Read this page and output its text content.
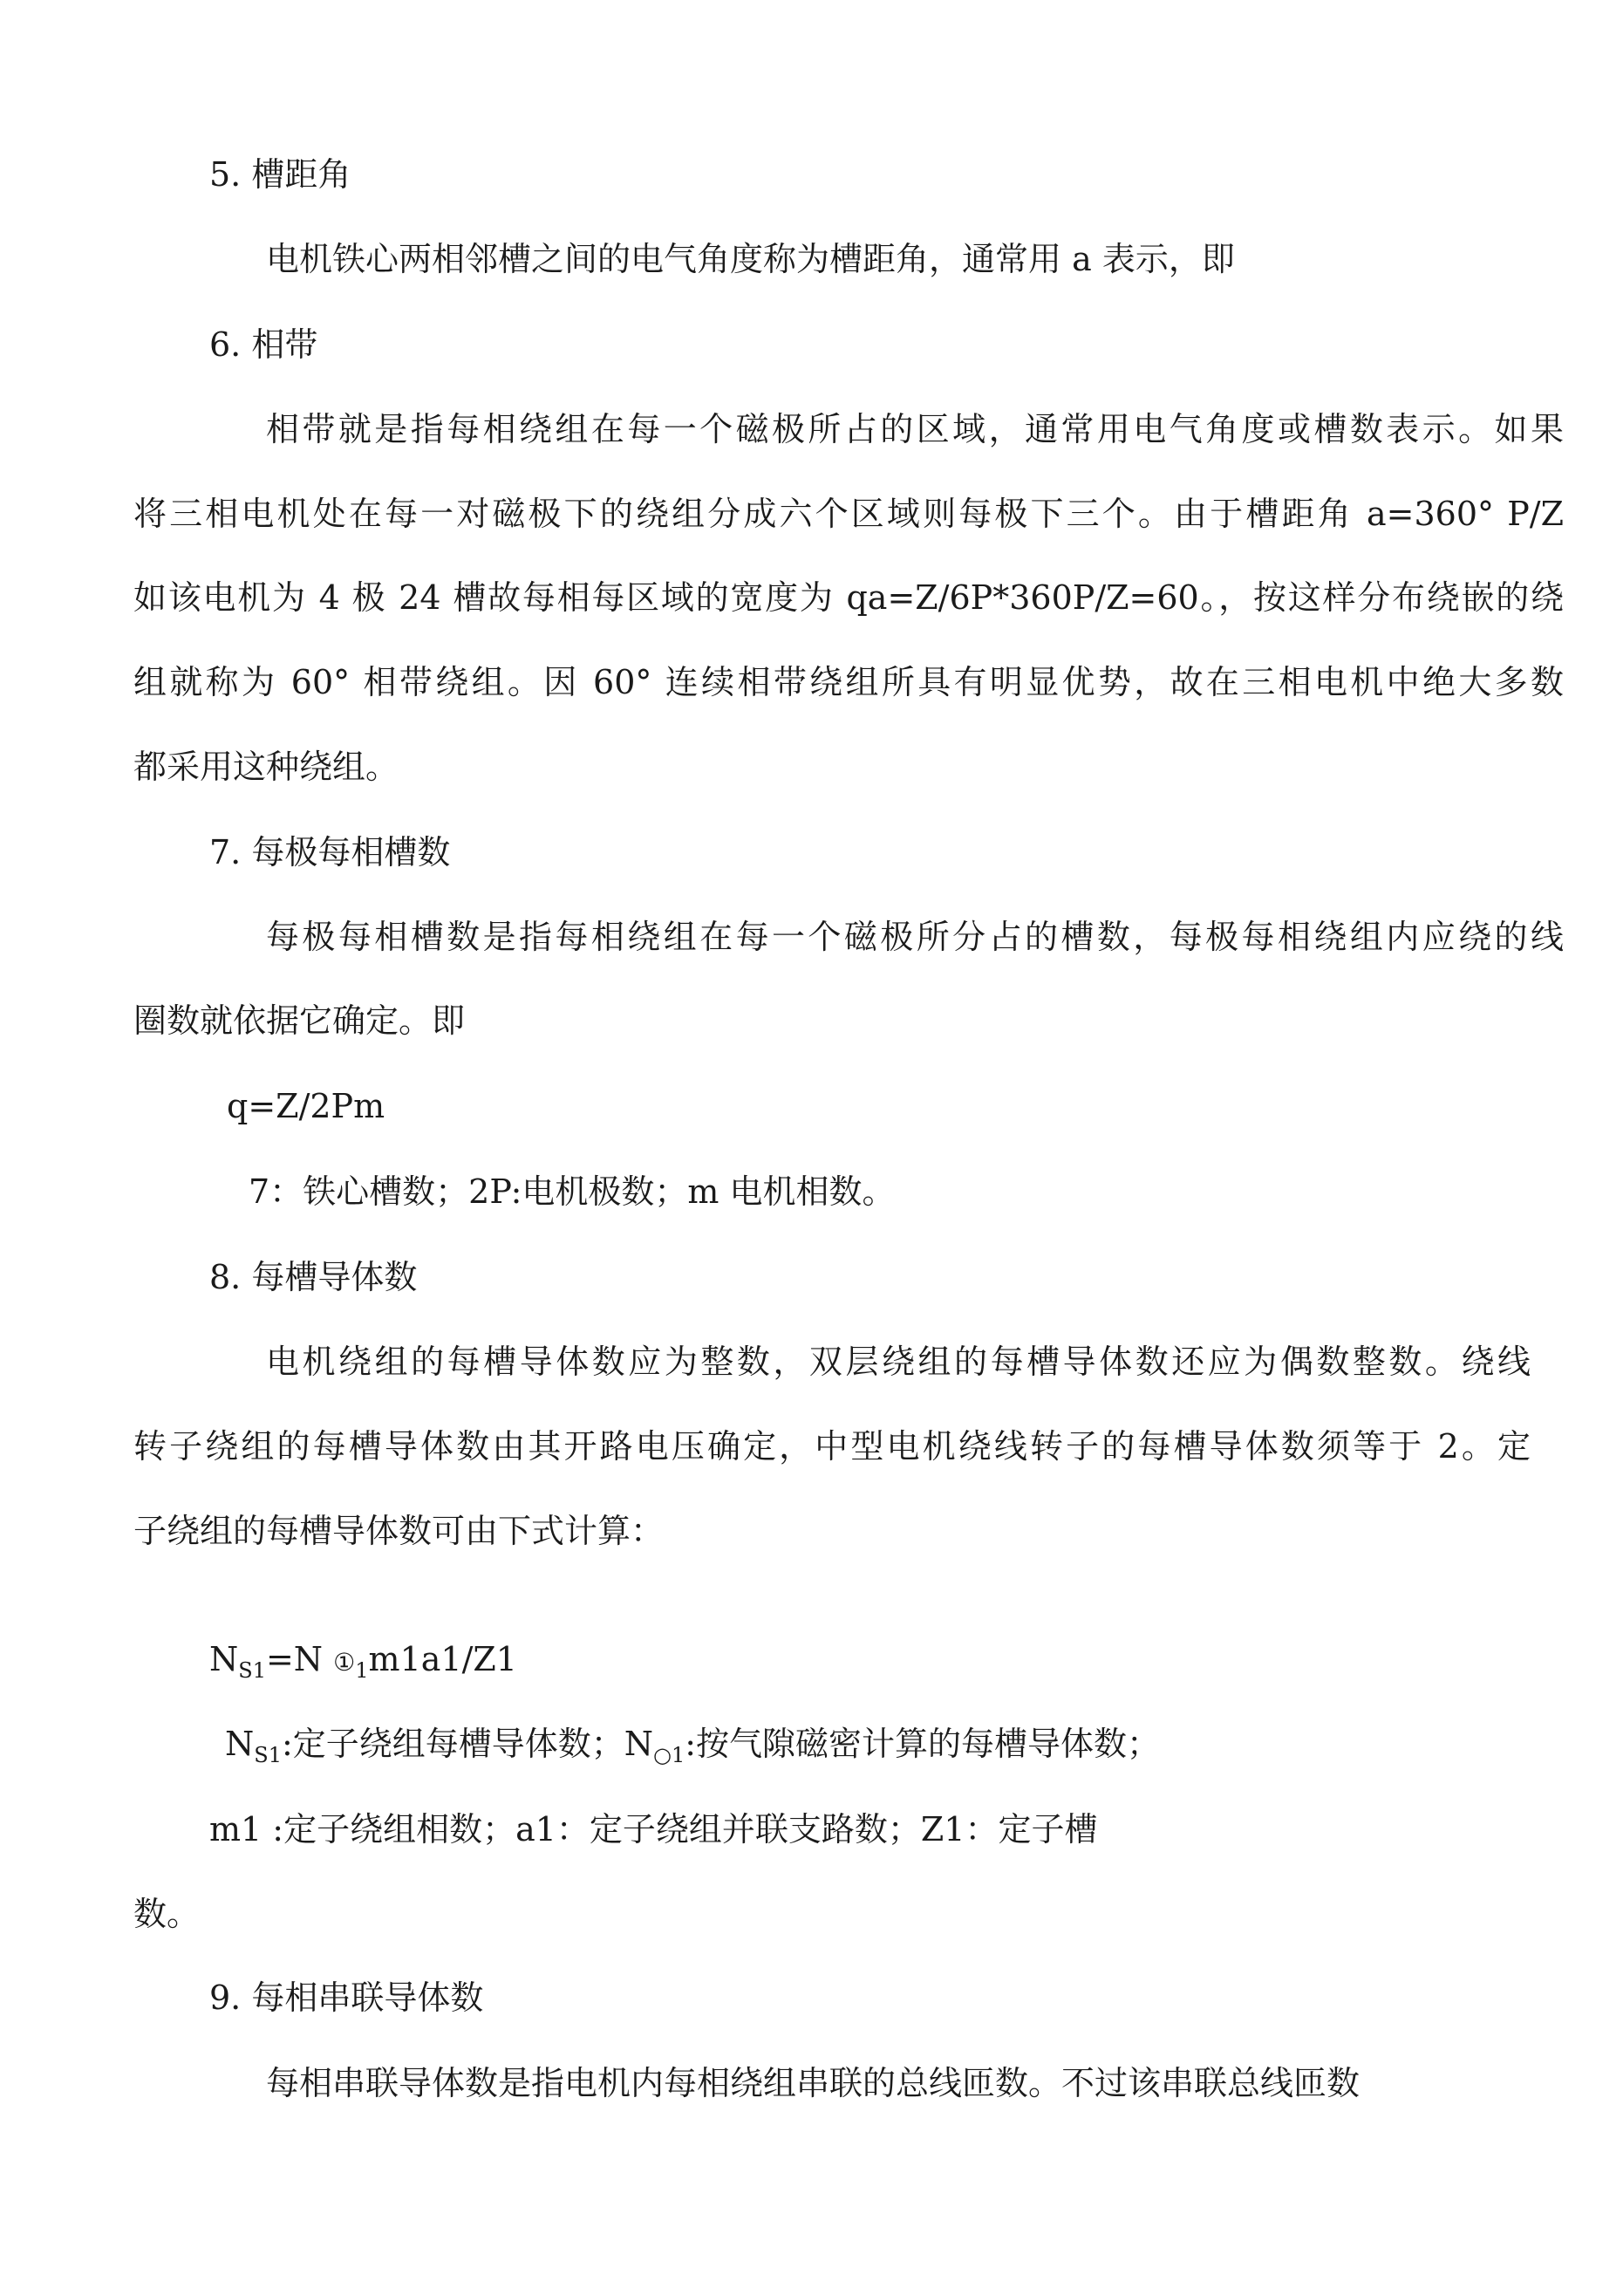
5. 槽距角
电机铁心两相邻槽之间的电气角度称为槽距角，通常用 a 表示，即
6. 相带
相带就是指每相绕组在每一个磁极所占的区域，通常用电气角度或槽数表示。如果
将三相电机处在每一对磁极下的绕组分成六个区域则每极下三个。由于槽距角 a=360° P/Z
如该电机为 4 极 24 槽故每相每区域的宽度为 qa=Z/6P*360P/Z=60。，按这样分布绕嵌的绕
组就称为 60° 相带绕组。因 60° 连续相带绕组所具有明显优势，故在三相电机中绝大多数
都采用这种绕组。
7. 每极每相槽数
每极每相槽数是指每相绕组在每一个磁极所分占的槽数，每极每相绕组内应绕的线
圈数就依据它确定。即
q=Z/2Pm
7：铁心槽数；2P:电机极数；m 电机相数。
8. 每槽导体数
电机绕组的每槽导体数应为整数，双层绕组的每槽导体数还应为偶数整数。绕线
转子绕组的每槽导体数由其开路电压确定，中型电机绕线转子的每槽导体数须等于 2。定
子绕组的每槽导体数可由下式计算：
$N_{S1}=N$ $①_1m1a1/Z1$
$N_{S1}$:定子绕组每槽导体数；$N_{○1}$:按气隙磁密计算的每槽导体数；
m1 :定子绕组相数；a1：定子绕组并联支路数；Z1：定子槽
数。
9. 每相串联导体数
每相串联导体数是指电机内每相绕组串联的总线匝数。不过该串联总线匝数
